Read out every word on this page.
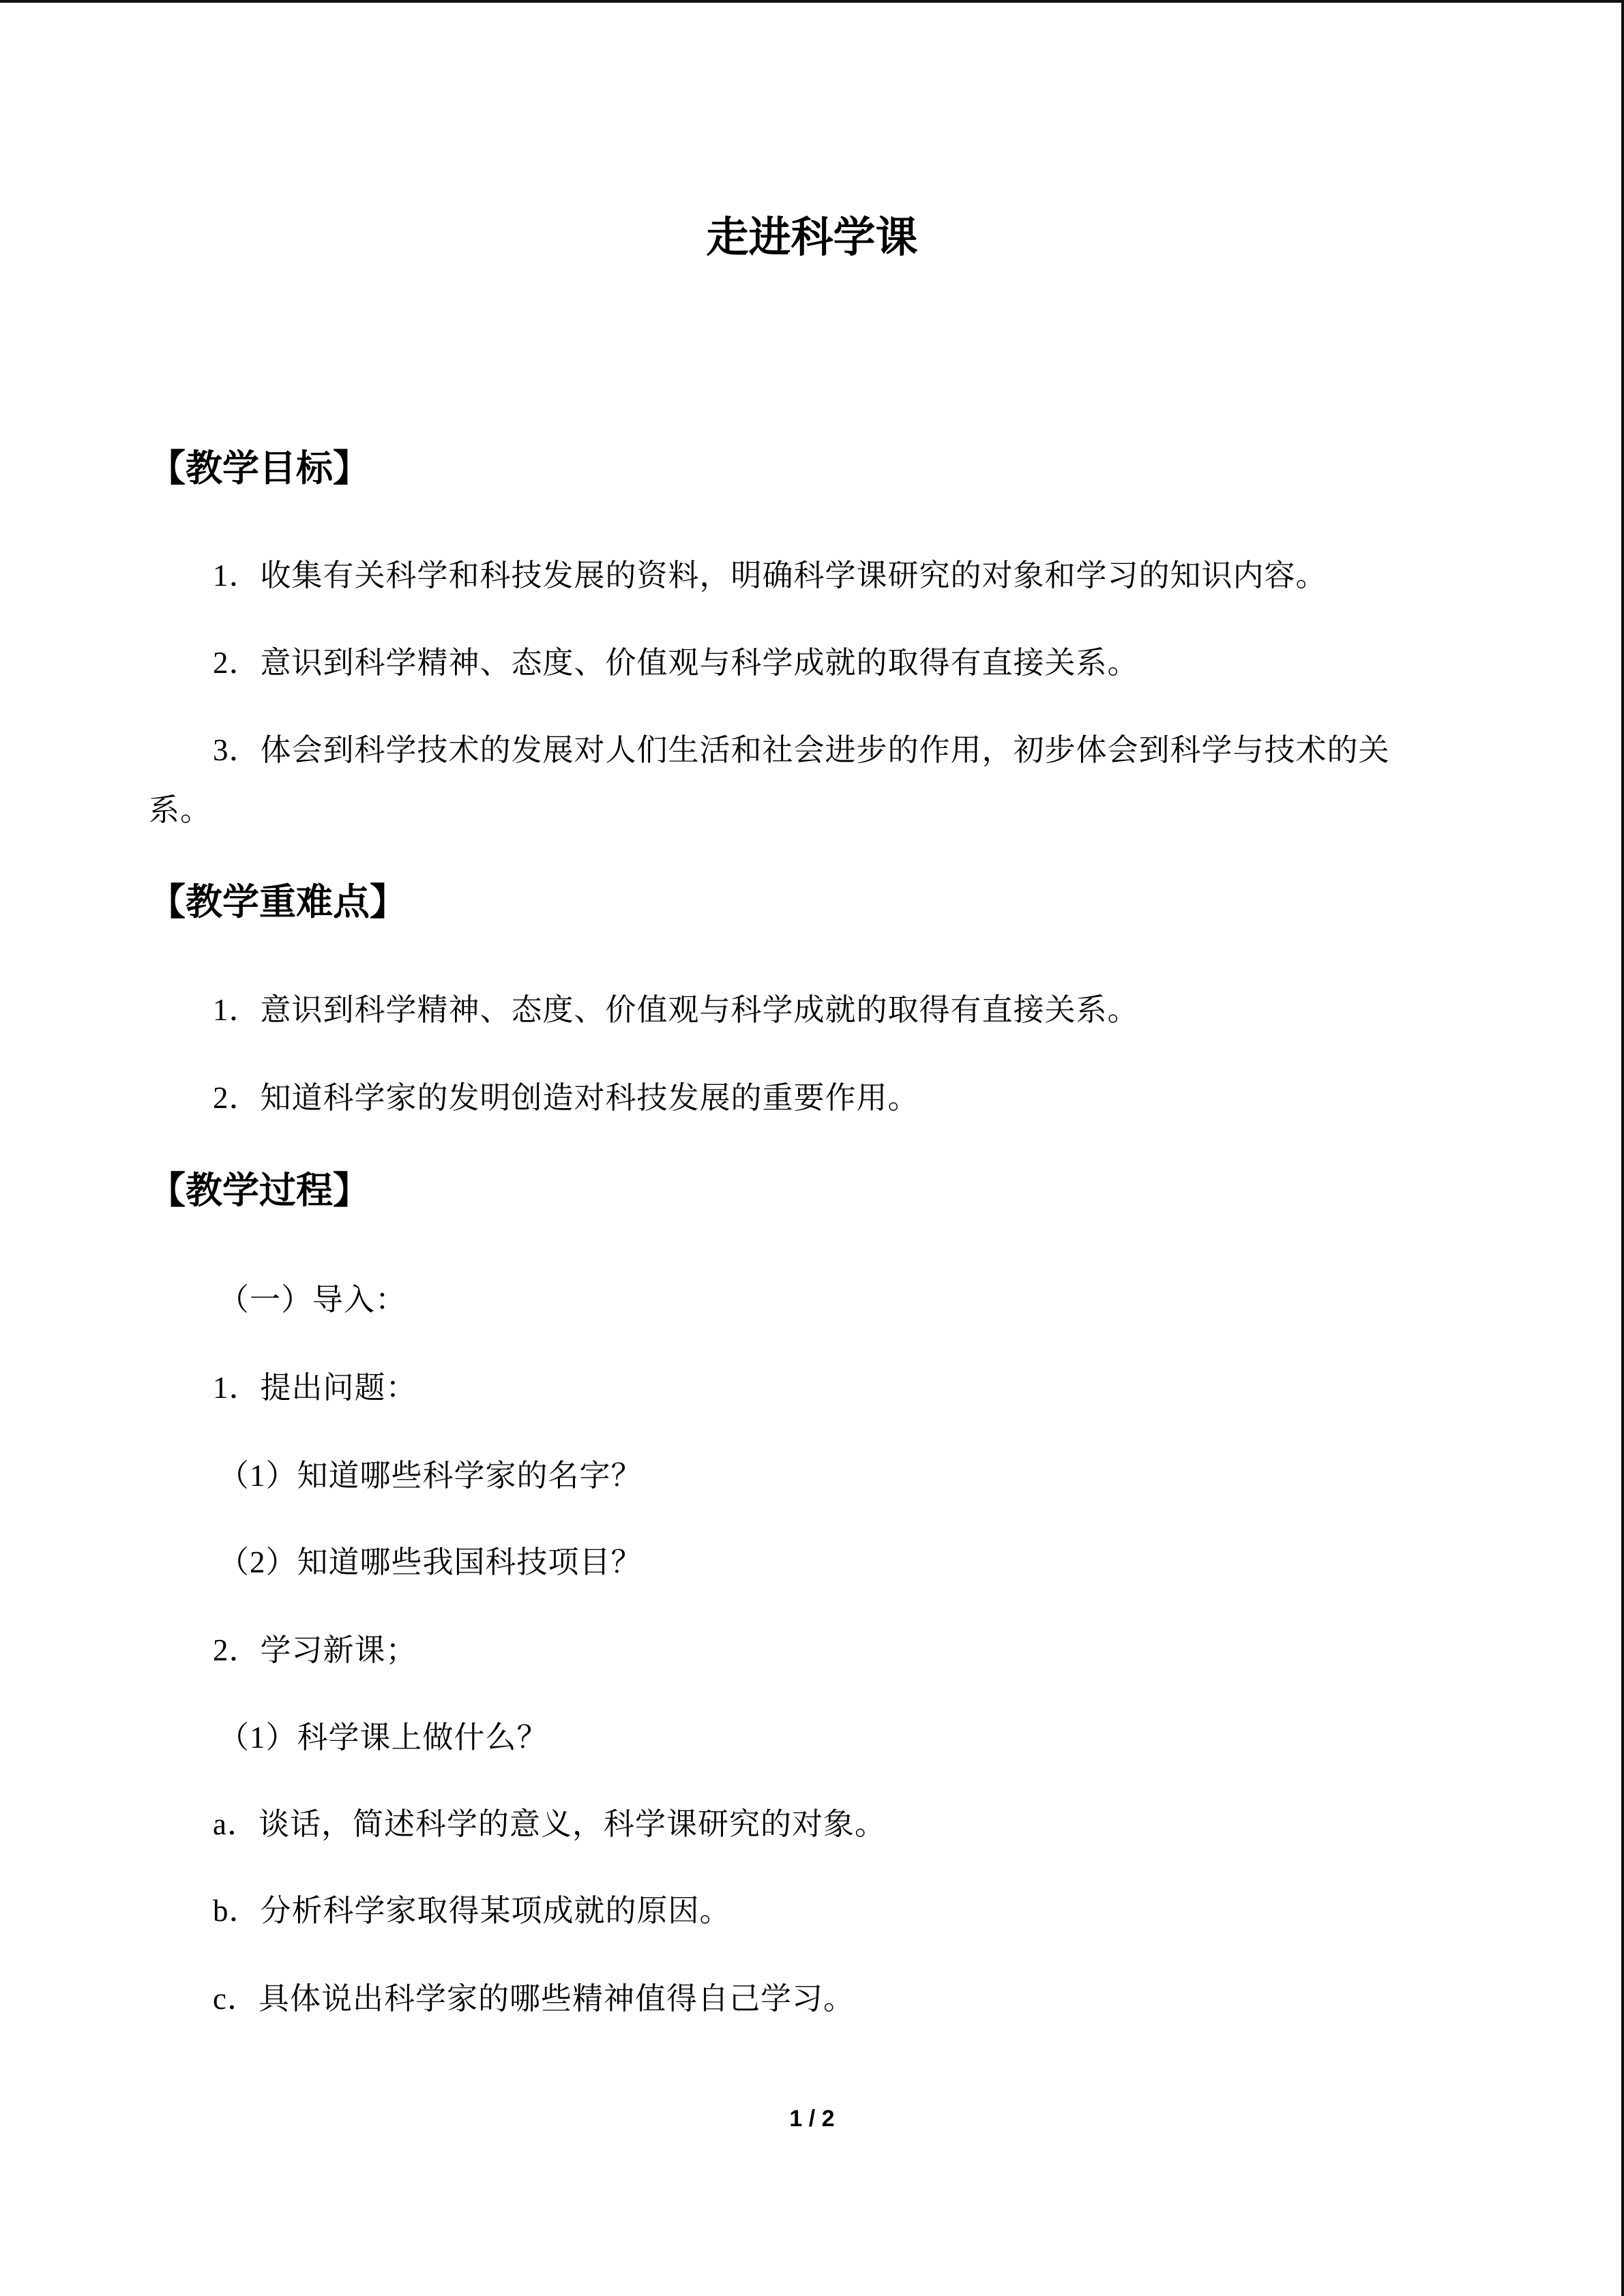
走进科学课
【教学目标】
1．收集有关科学和科技发展的资料，明确科学课研究的对象和学习的知识内容。
2．意识到科学精神、态度、价值观与科学成就的取得有直接关系。
3．体会到科学技术的发展对人们生活和社会进步的作用，初步体会到科学与技术的关
系。
【教学重难点】
1．意识到科学精神、态度、价值观与科学成就的取得有直接关系。
2．知道科学家的发明创造对科技发展的重要作用。
【教学过程】
（一）导入：
1．提出问题：
（1）知道哪些科学家的名字？
（2）知道哪些我国科技项目？
2．学习新课；
（1）科学课上做什么？
a．谈话，简述科学的意义，科学课研究的对象。
b．分析科学家取得某项成就的原因。
c．具体说出科学家的哪些精神值得自己学习。
1 / 2
